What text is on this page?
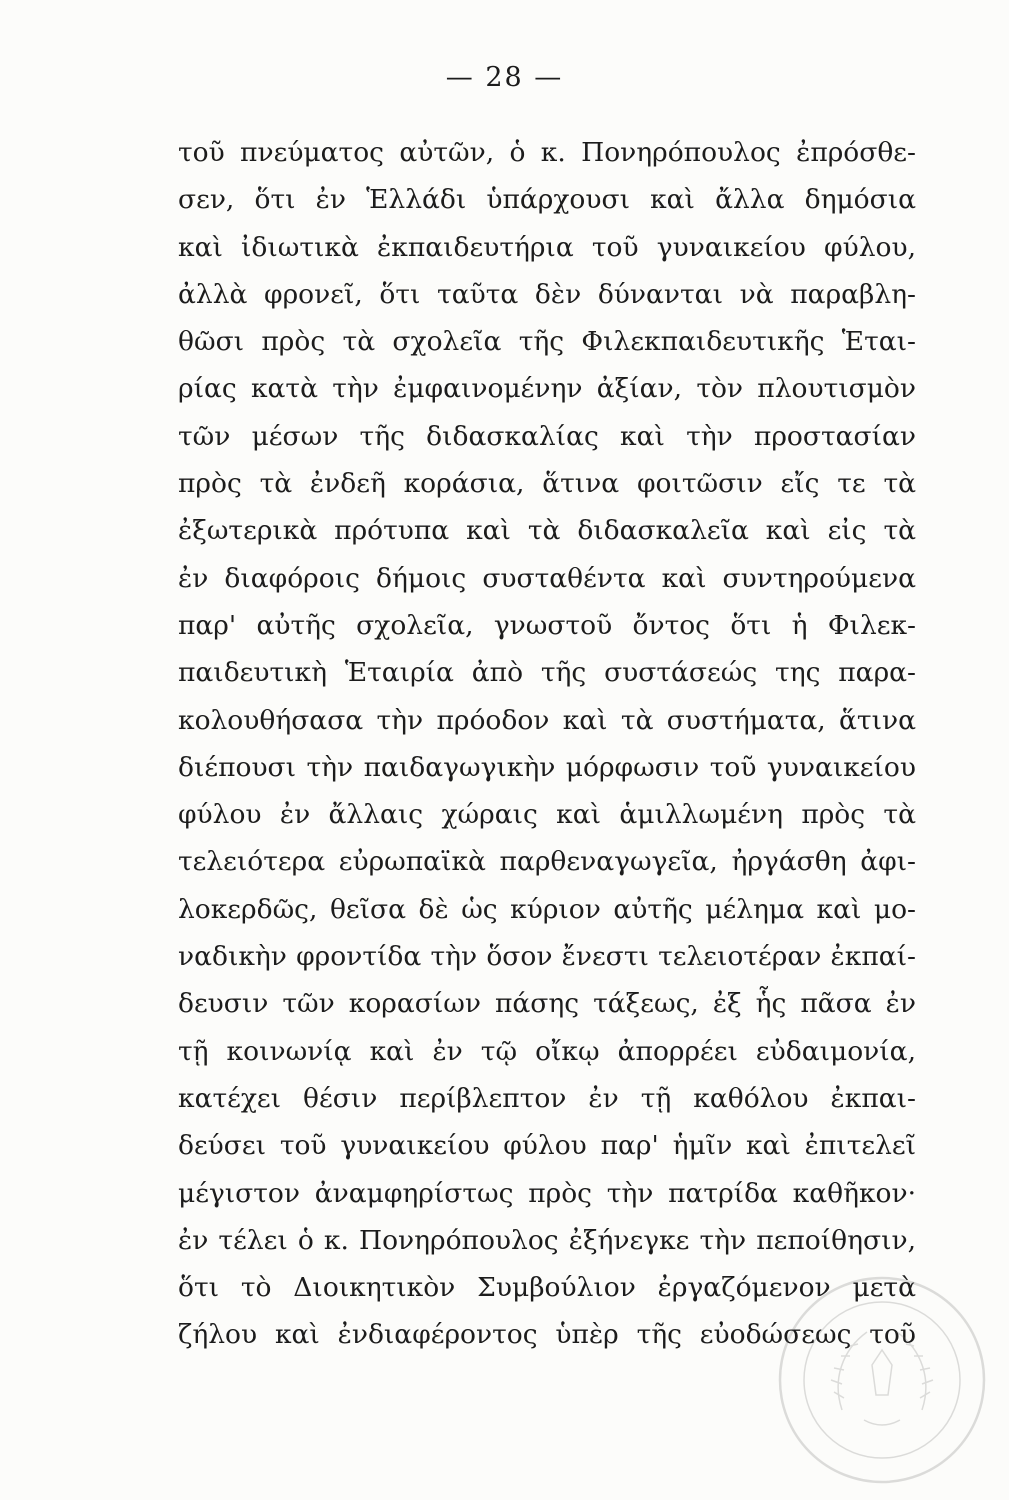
— 28 —
τοῦ πνεύματος αὐτῶν, ὁ κ. Πονηρόπουλος ἐπρόσθε-
σεν, ὅτι ἐν Ἑλλάδι ὑπάρχουσι καὶ ἄλλα δημόσια
καὶ ἰδιωτικὰ ἐκπαιδευτήρια τοῦ γυναικείου φύλου,
ἀλλὰ φρονεῖ, ὅτι ταῦτα δὲν δύνανται νὰ παραβλη-
θῶσι πρὸς τὰ σχολεῖα τῆς Φιλεκπαιδευτικῆς Ἑται-
ρίας κατὰ τὴν ἐμφαινομένην ἀξίαν, τὸν πλουτισμὸν
τῶν μέσων τῆς διδασκαλίας καὶ τὴν προστασίαν
πρὸς τὰ ἐνδεῆ κοράσια, ἅτινα φοιτῶσιν εἴς τε τὰ
ἐξωτερικὰ πρότυπα καὶ τὰ διδασκαλεῖα καὶ εἰς τὰ
ἐν διαφόροις δήμοις συσταθέντα καὶ συντηρούμενα
παρ' αὐτῆς σχολεῖα, γνωστοῦ ὄντος ὅτι ἡ Φιλεκ-
παιδευτικὴ Ἑταιρία ἀπὸ τῆς συστάσεώς της παρα-
κολουθήσασα τὴν πρόοδον καὶ τὰ συστήματα, ἅτινα
διέπουσι τὴν παιδαγωγικὴν μόρφωσιν τοῦ γυναικείου
φύλου ἐν ἄλλαις χώραις καὶ ἁμιλλωμένη πρὸς τὰ
τελειότερα εὐρωπαϊκὰ παρθεναγωγεῖα, ἠργάσθη ἀφι-
λοκερδῶς, θεῖσα δὲ ὡς κύριον αὐτῆς μέλημα καὶ μο-
ναδικὴν φροντίδα τὴν ὅσον ἔνεστι τελειοτέραν ἐκπαί-
δευσιν τῶν κορασίων πάσης τάξεως, ἐξ ἧς πᾶσα ἐν
τῇ κοινωνίᾳ καὶ ἐν τῷ οἴκῳ ἀπορρέει εὐδαιμονία,
κατέχει θέσιν περίβλεπτον ἐν τῇ καθόλου ἐκπαι-
δεύσει τοῦ γυναικείου φύλου παρ' ἡμῖν καὶ ἐπιτελεῖ
μέγιστον ἀναμφηρίστως πρὸς τὴν πατρίδα καθῆκον·
ἐν τέλει ὁ κ. Πονηρόπουλος ἐξήνεγκε τὴν πεποίθησιν,
ὅτι τὸ Διοικητικὸν Συμβούλιον ἐργαζόμενον μετὰ
ζήλου καὶ ἐνδιαφέροντος ὑπὲρ τῆς εὐοδώσεως τοῦ
